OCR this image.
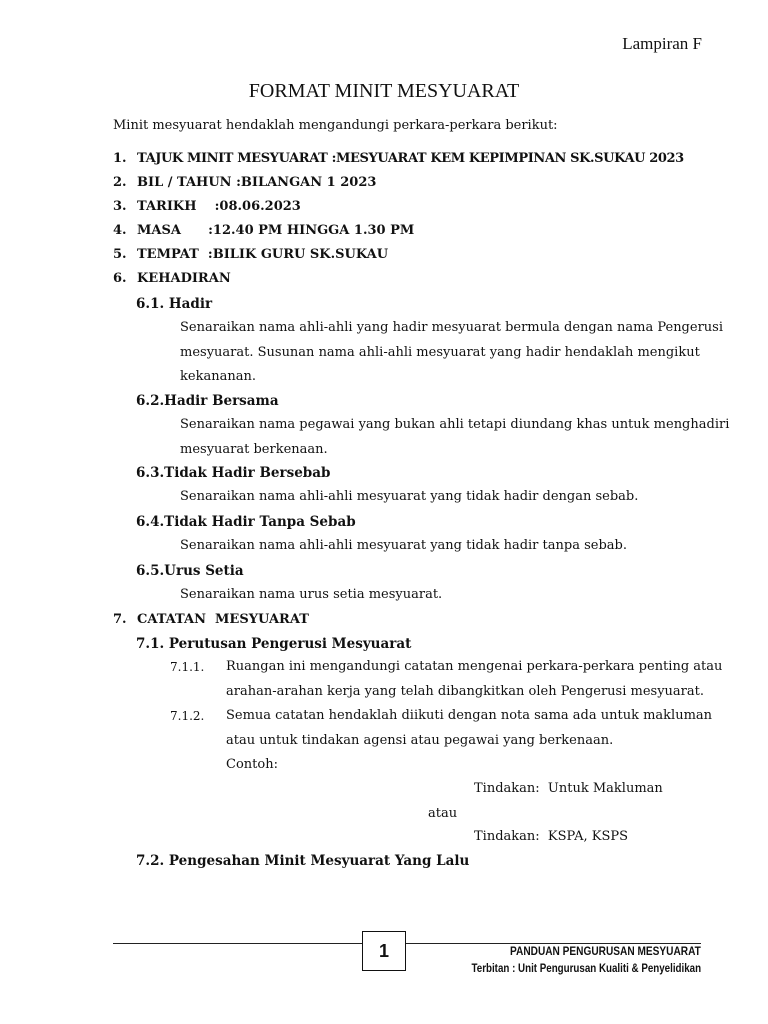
Lampiran F
FORMAT MINIT MESYUARAT
Minit mesyuarat hendaklah mengandungi perkara-perkara berikut:
1. TAJUK MINIT MESYUARAT :MESYUARAT KEM KEPIMPINAN SK.SUKAU 2023
2. BIL / TAHUN :BILANGAN 1 2023
3. TARIKH    :08.06.2023
4. MASA      :12.40 PM HINGGA 1.30 PM
5. TEMPAT  :BILIK GURU SK.SUKAU
6. KEHADIRAN
6.1. Hadir
Senaraikan nama ahli-ahli yang hadir mesyuarat bermula dengan nama Pengerusi
mesyuarat. Susunan nama ahli-ahli mesyuarat yang hadir hendaklah mengikut
kekananan.
6.2.Hadir Bersama
Senaraikan nama pegawai yang bukan ahli tetapi diundang khas untuk menghadiri
mesyuarat berkenaan.
6.3.Tidak Hadir Bersebab
Senaraikan nama ahli-ahli mesyuarat yang tidak hadir dengan sebab.
6.4.Tidak Hadir Tanpa Sebab
Senaraikan nama ahli-ahli mesyuarat yang tidak hadir tanpa sebab.
6.5.Urus Setia
Senaraikan nama urus setia mesyuarat.
7. CATATAN  MESYUARAT
7.1. Perutusan Pengerusi Mesyuarat
7.1.1. Ruangan ini mengandungi catatan mengenai perkara-perkara penting atau
arahan-arahan kerja yang telah dibangkitkan oleh Pengerusi mesyuarat.
7.1.2. Semua catatan hendaklah diikuti dengan nota sama ada untuk makluman
atau untuk tindakan agensi atau pegawai yang berkenaan.
Contoh:
Tindakan:  Untuk Makluman
atau
Tindakan:  KSPA, KSPS
7.2. Pengesahan Minit Mesyuarat Yang Lalu
1	PANDUAN PENGURUSAN MESYUARAT
Terbitan : Unit Pengurusan Kualiti & Penyelidikan
